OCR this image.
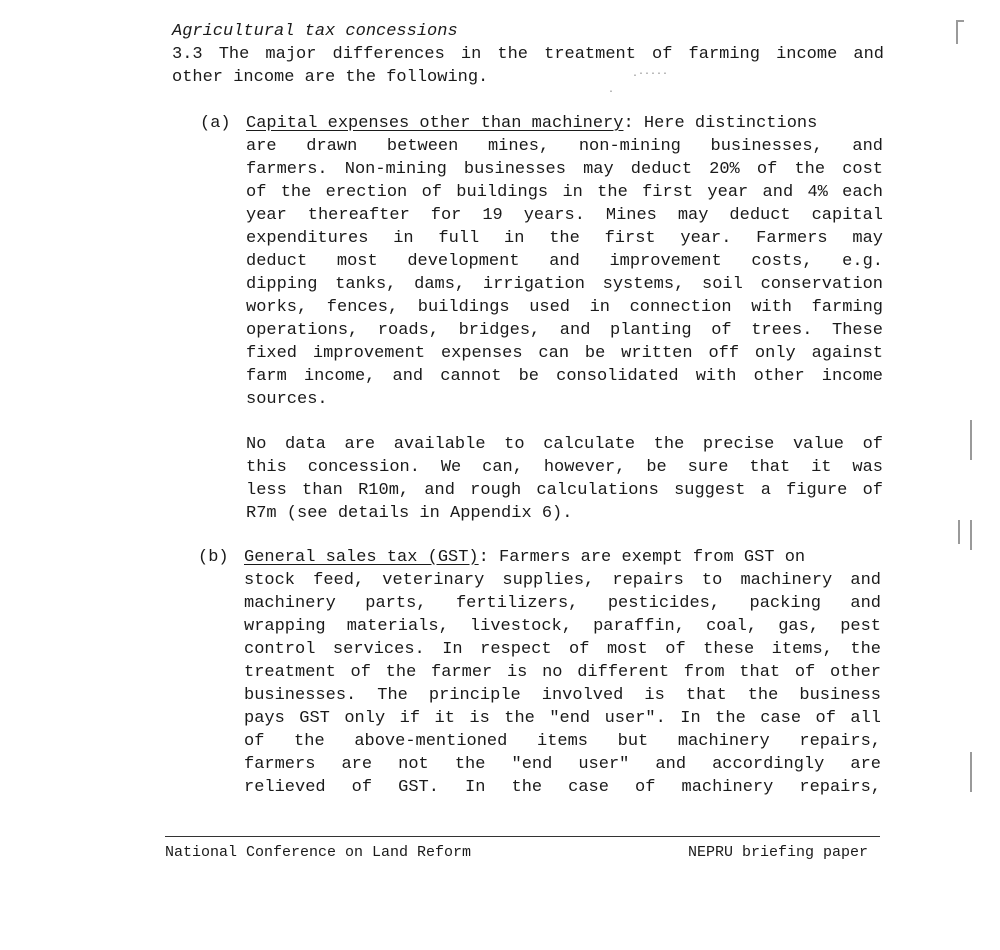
Agricultural tax concessions
3.3 The major differences in the treatment of farming income and
other income are the following.
(a) Capital expenses other than machinery: Here distinctions
are drawn between mines, non-mining businesses, and
farmers. Non-mining businesses may deduct 20% of the cost
of the erection of buildings in the first year and 4% each
year thereafter for 19 years. Mines may deduct capital
expenditures in full in the first year. Farmers may
deduct most development and improvement costs, e.g.
dipping tanks, dams, irrigation systems, soil conservation
works, fences, buildings used in connection with farming
operations, roads, bridges, and planting of trees. These
fixed improvement expenses can be written off only against
farm income, and cannot be consolidated with other income
sources.
No data are available to calculate the precise value of
this concession. We can, however, be sure that it was
less than R10m, and rough calculations suggest a figure of
R7m (see details in Appendix 6).
(b) General sales tax (GST): Farmers are exempt from GST on
stock feed, veterinary supplies, repairs to machinery and
machinery parts, fertilizers, pesticides, packing and
wrapping materials, livestock, paraffin, coal, gas, pest
control services. In respect of most of these items, the
treatment of the farmer is no different from that of other
businesses. The principle involved is that the business
pays GST only if it is the "end user". In the case of all
of the above-mentioned items but machinery repairs,
farmers are not the "end user" and accordingly are
relieved of GST. In the case of machinery repairs,
National Conference on Land Reform	NEPRU briefing paper
.·····
·
